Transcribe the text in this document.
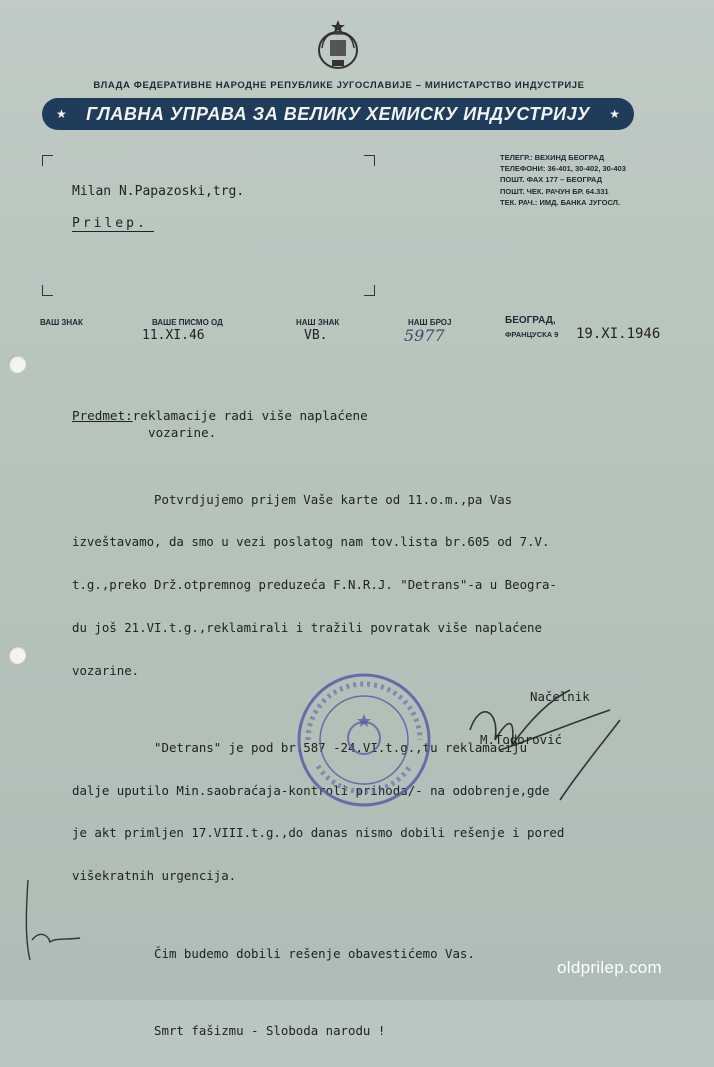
ВЛАДА ФЕДЕРАТИВНЕ НАРОДНЕ РЕПУБЛИКЕ ЈУГОСЛАВИЈЕ – МИНИСТАРСТВО ИНДУСТРИЈЕ
★ ГЛАВНА УПРАВА ЗА ВЕЛИКУ ХЕМИСКУ ИНДУСТРИЈУ ★
ТЕЛЕГР.: ВЕХИНД БЕОГРАД
ТЕЛЕФОНИ: 36-401, 30-402, 30-403
ПОШТ. ФАХ 177 – БЕОГРАД
ПОШТ. ЧЕК. РАЧУН БР. 64.331
ТЕК. РАЧ.: ИМД. БАНКА ЈУГОСЛ.
Milan N.Papazoski,trg.
Prilep.
ВАШ ЗНАК	ВАШЕ ПИСМО ОД
11.XI.46
НАШ ЗНАК
VB.
НАШ БРОЈ
5977
БЕОГРАД,
ФРАНЦУСКА 9 19.XI.1946
Predmet:reklamacije radi više naplaćene
vozarine.

Potvrdjujemo prijem Vaše karte od 11.o.m.,pa Vas

izveštavamo, da smo u vezi poslatog nam tov.lista br.605 od 7.V.

t.g.,preko Drž.otpremnog preduzeća F.N.R.J. "Detrans"-a u Beogra-

du još 21.VI.t.g.,reklamirali i tražili povratak više naplaćene

vozarine.

"Detrans" je pod br.587 -24.VI.t.g.,tu reklamaciju

dalje uputilo Min.saobraćaja-kontroli prihoda/- na odobrenje,gde

je akt primljen 17.VIII.t.g.,do danas nismo dobili rešenje i pored

višekratnih urgencija.

Čim budemo dobili rešenje obavestićemo Vas.

Smrt fašizmu - Sloboda narodu !

Načelnik
M.Todorović
oldprilep.com
